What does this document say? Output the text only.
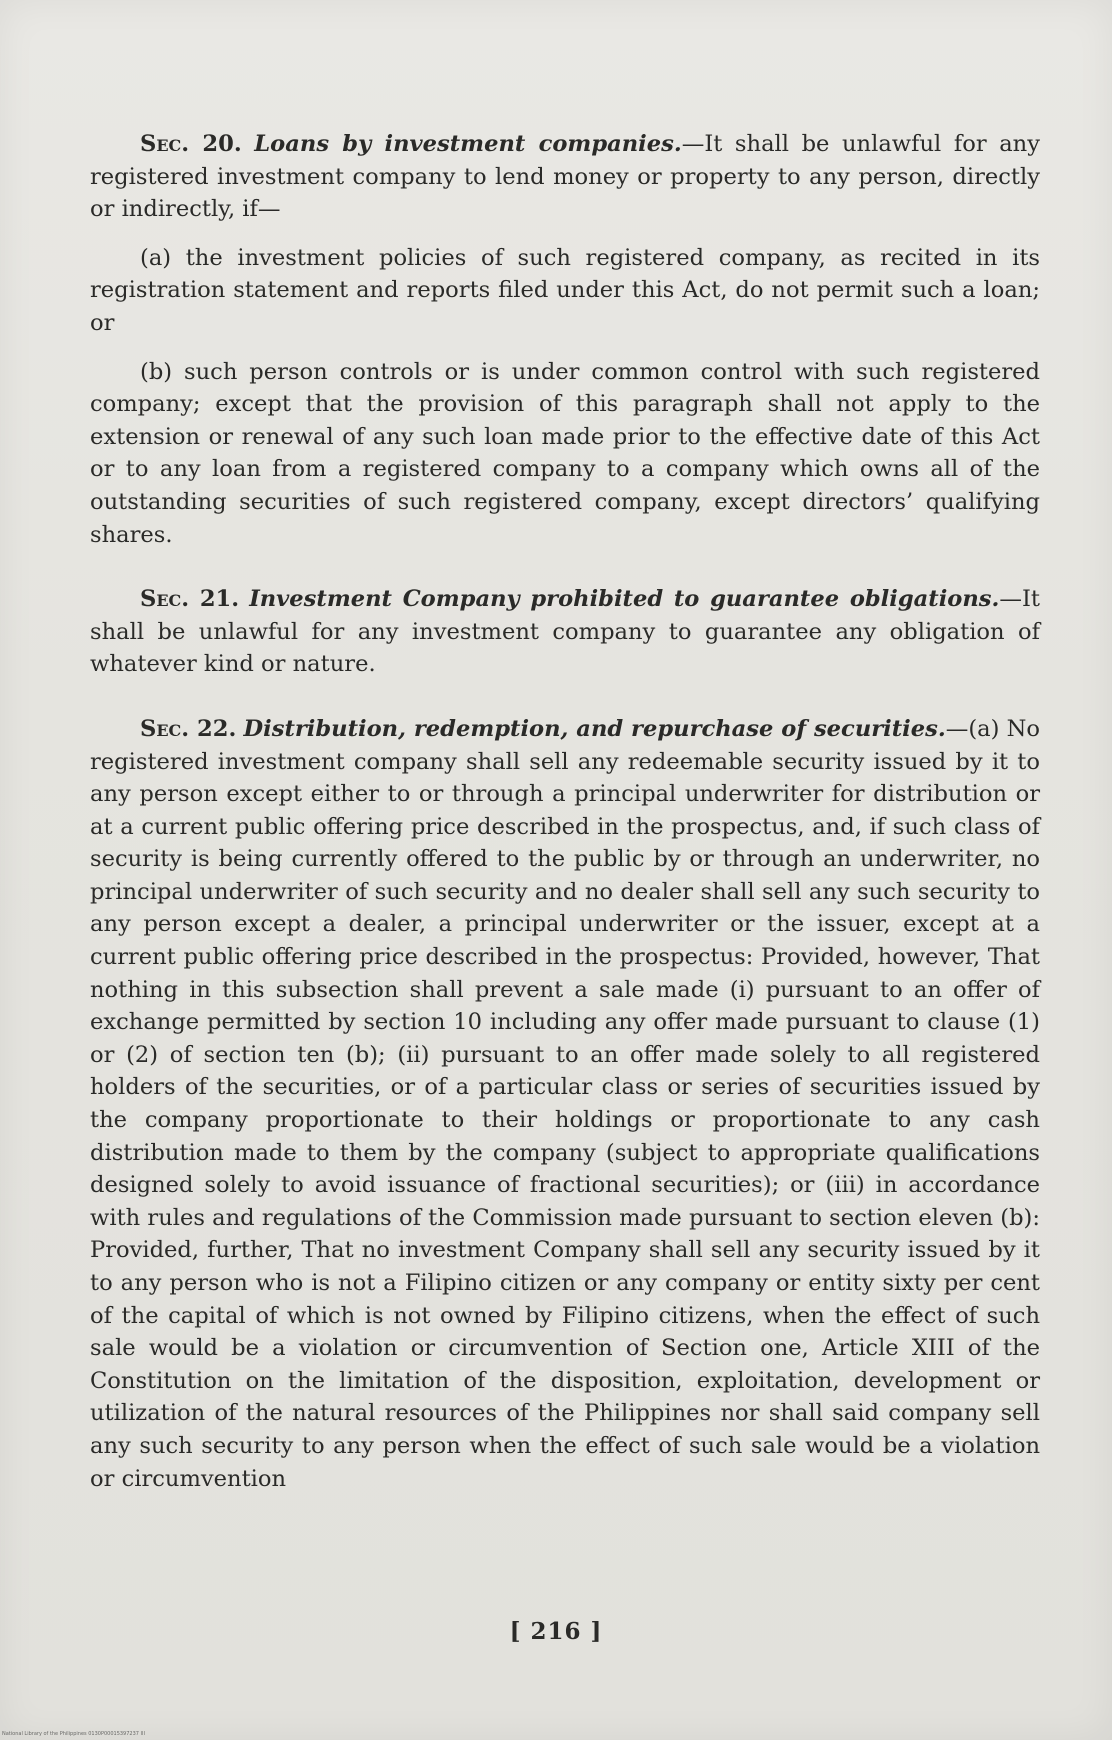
Sec. 20. Loans by investment companies.—It shall be unlawful for any registered investment company to lend money or property to any person, directly or indirectly, if—

(a) the investment policies of such registered company, as recited in its registration statement and reports filed under this Act, do not permit such a loan; or

(b) such person controls or is under common control with such registered company; except that the provision of this paragraph shall not apply to the extension or renewal of any such loan made prior to the effective date of this Act or to any loan from a registered company to a company which owns all of the outstanding securities of such registered company, except directors’ qualifying shares.

Sec. 21. Investment Company prohibited to guarantee obligations.—It shall be unlawful for any investment company to guarantee any obligation of whatever kind or nature.

Sec. 22. Distribution, redemption, and repurchase of securities.—(a) No registered investment company shall sell any redeemable security issued by it to any person except either to or through a principal underwriter for distribution or at a current public offering price described in the prospectus, and, if such class of security is being currently offered to the public by or through an underwriter, no principal underwriter of such security and no dealer shall sell any such security to any person except a dealer, a principal underwriter or the issuer, except at a current public offering price described in the prospectus: Provided, however, That nothing in this subsection shall prevent a sale made (i) pursuant to an offer of exchange permitted by section 10 including any offer made pursuant to clause (1) or (2) of section ten (b); (ii) pursuant to an offer made solely to all registered holders of the securities, or of a particular class or series of securities issued by the company proportionate to their holdings or proportionate to any cash distribution made to them by the company (subject to appropriate qualifications designed solely to avoid issuance of fractional securities); or (iii) in accordance with rules and regulations of the Commission made pursuant to section eleven (b): Provided, further, That no investment Company shall sell any security issued by it to any person who is not a Filipino citizen or any company or entity sixty per cent of the capital of which is not owned by Filipino citizens, when the effect of such sale would be a violation or circumvention of Section one, Article XIII of the Constitution on the limitation of the disposition, exploitation, development or utilization of the natural resources of the Philippines nor shall said company sell any such security to any person when the effect of such sale would be a violation or circumvention

[ 216 ]
National Library of the Philippines 0130P00015397237 III
